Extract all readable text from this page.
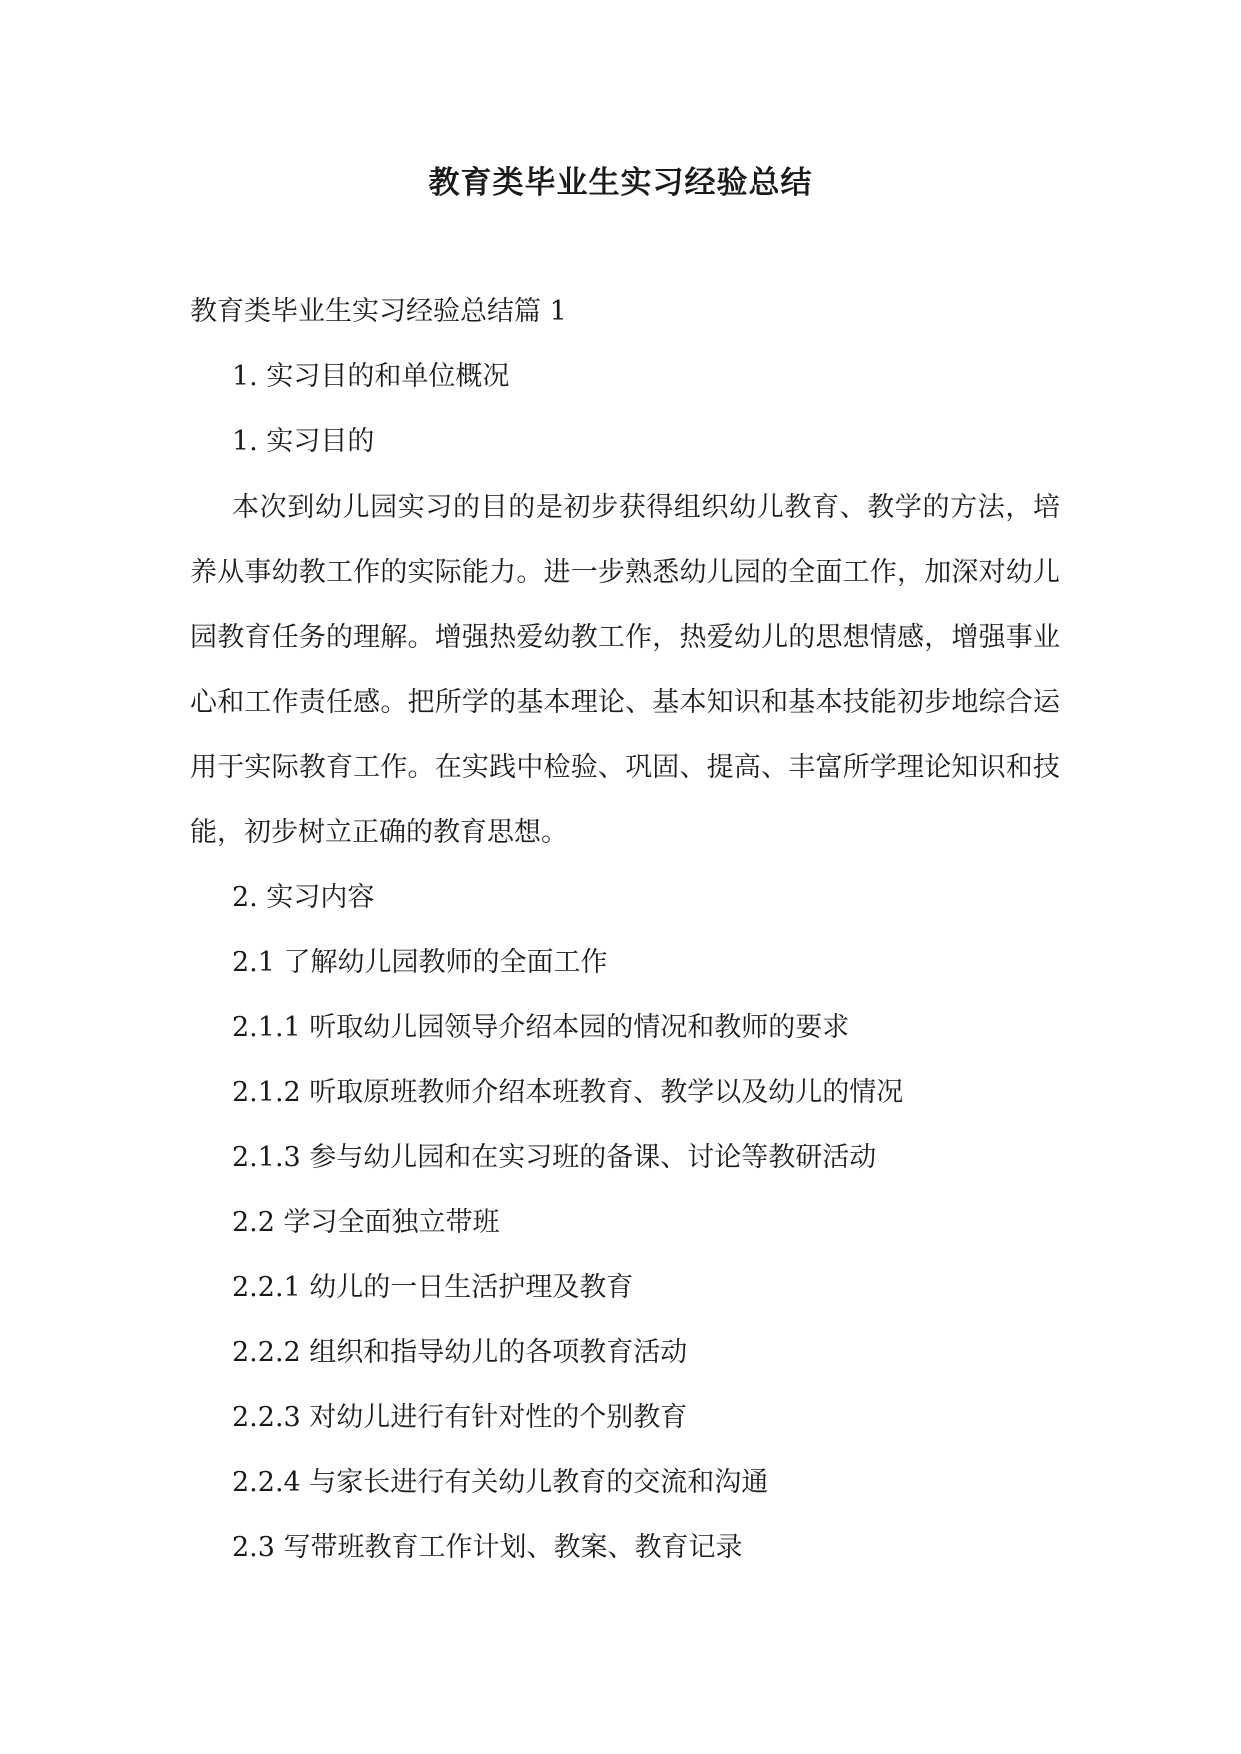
教育类毕业生实习经验总结
教育类毕业生实习经验总结篇 1
1. 实习目的和单位概况
1. 实习目的

本次到幼儿园实习的目的是初步获得组织幼儿教育、教学的方法，培养从事幼教工作的实际能力。进一步熟悉幼儿园的全面工作，加深对幼儿园教育任务的理解。增强热爱幼教工作，热爱幼儿的思想情感，增强事业心和工作责任感。把所学的基本理论、基本知识和基本技能初步地综合运用于实际教育工作。在实践中检验、巩固、提高、丰富所学理论知识和技能，初步树立正确的教育思想。

2. 实习内容
2.1 了解幼儿园教师的全面工作
2.1.1 听取幼儿园领导介绍本园的情况和教师的要求
2.1.2 听取原班教师介绍本班教育、教学以及幼儿的情况
2.1.3 参与幼儿园和在实习班的备课、讨论等教研活动
2.2 学习全面独立带班
2.2.1 幼儿的一日生活护理及教育
2.2.2 组织和指导幼儿的各项教育活动
2.2.3 对幼儿进行有针对性的个别教育
2.2.4 与家长进行有关幼儿教育的交流和沟通
2.3 写带班教育工作计划、教案、教育记录
